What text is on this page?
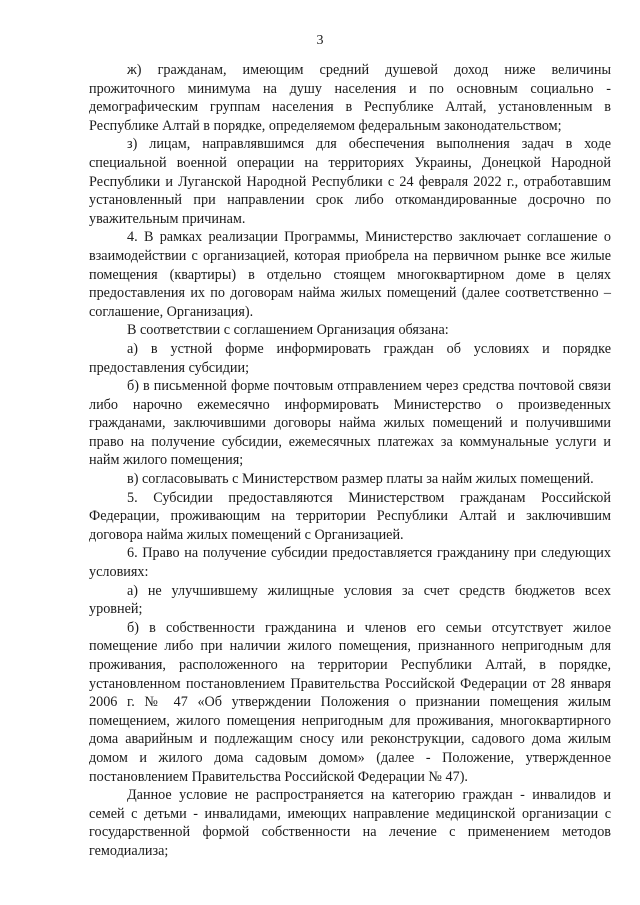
3

ж) гражданам, имеющим средний душевой доход ниже величины прожиточного минимума на душу населения и по основным социально - демографическим группам населения в Республике Алтай, установленным в Республике Алтай в порядке, определяемом федеральным законодательством;

з) лицам, направлявшимся для обеспечения выполнения задач в ходе специальной военной операции на территориях Украины, Донецкой Народной Республики и Луганской Народной Республики с 24 февраля 2022 г., отработавшим установленный при направлении срок либо откомандированные досрочно по уважительным причинам.

4. В рамках реализации Программы, Министерство заключает соглашение о взаимодействии с организацией, которая приобрела на первичном рынке все жилые помещения (квартиры) в отдельно стоящем многоквартирном доме в целях предоставления их по договорам найма жилых помещений (далее соответственно – соглашение, Организация).

В соответствии с соглашением Организация обязана:

а) в устной форме информировать граждан об условиях и порядке предоставления субсидии;

б) в письменной форме почтовым отправлением через средства почтовой связи либо нарочно ежемесячно информировать Министерство о произведенных гражданами, заключившими договоры найма жилых помещений и получившими право на получение субсидии, ежемесячных платежах за коммунальные услуги и найм жилого помещения;

в) согласовывать с Министерством размер платы за найм жилых помещений.

5. Субсидии предоставляются Министерством гражданам Российской Федерации, проживающим на территории Республики Алтай и заключившим договора найма жилых помещений с Организацией.

6. Право на получение субсидии предоставляется гражданину при следующих условиях:

а) не улучшившему жилищные условия за счет средств бюджетов всех уровней;

б) в собственности гражданина и членов его семьи отсутствует жилое помещение либо при наличии жилого помещения, признанного непригодным для проживания, расположенного на территории Республики Алтай, в порядке, установленном постановлением Правительства Российской Федерации от 28 января 2006 г. № 47 «Об утверждении Положения о признании помещения жилым помещением, жилого помещения непригодным для проживания, многоквартирного дома аварийным и подлежащим сносу или реконструкции, садового дома жилым домом и жилого дома садовым домом» (далее - Положение, утвержденное постановлением Правительства Российской Федерации № 47).

Данное условие не распространяется на категорию граждан - инвалидов и семей с детьми - инвалидами, имеющих направление медицинской организации с государственной формой собственности на лечение с применением методов гемодиализа;
